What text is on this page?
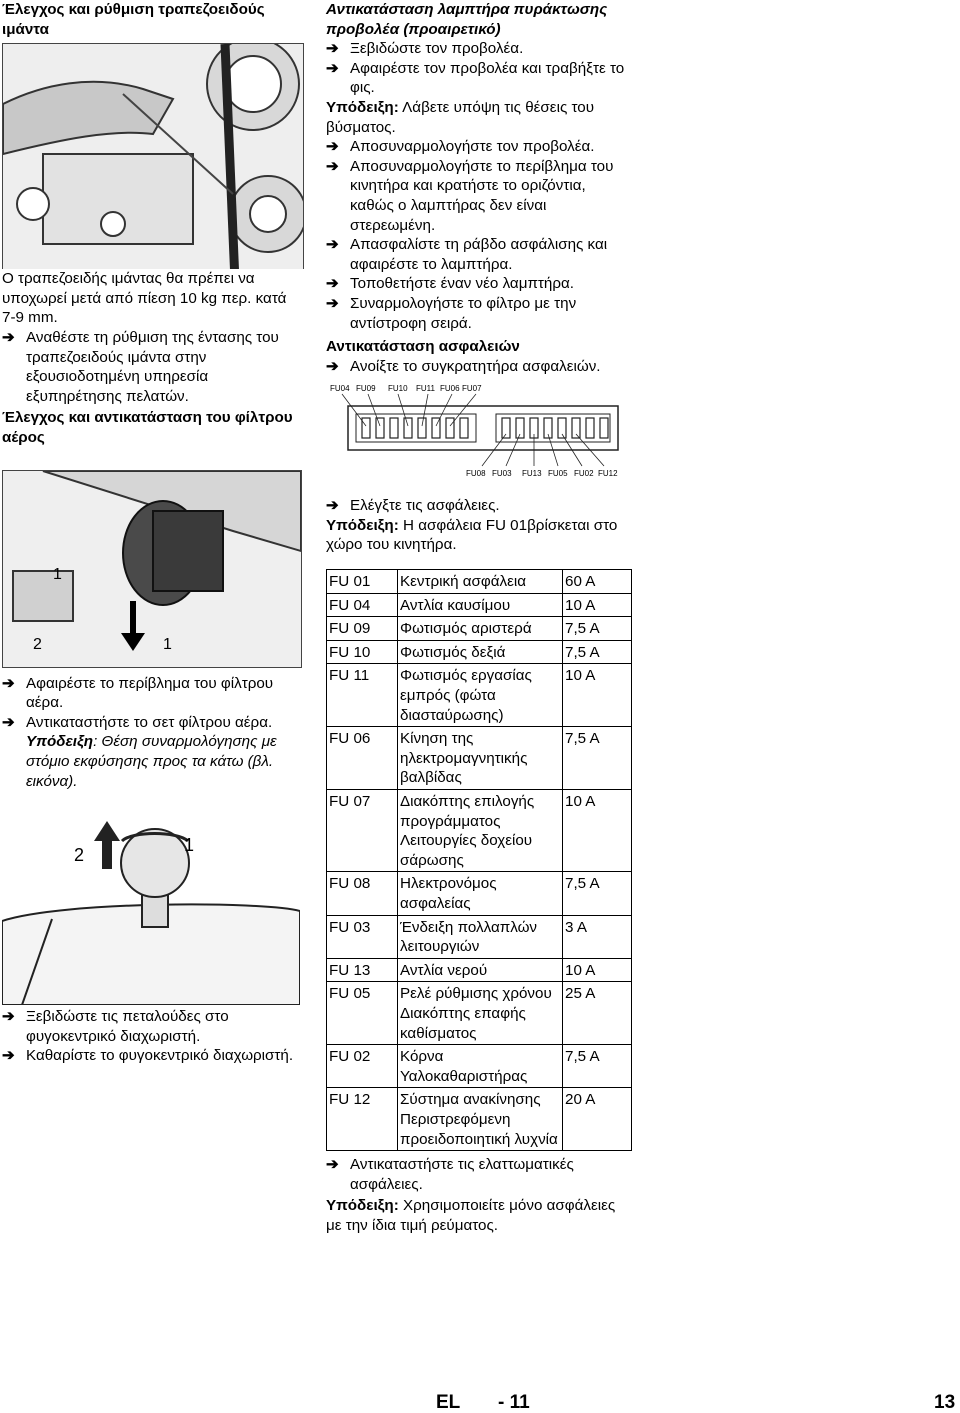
Έλεγχος και ρύθμιση τραπεζοειδούς ιμάντα

Ο τραπεζοειδής ιμάντας θα πρέπει να υποχωρεί μετά από πίεση 10 kg περ. κατά 7-9 mm.

➔ Αναθέστε τη ρύθμιση της έντασης του τραπεζοειδούς ιμάντα στην εξουσιοδοτημένη υπηρεσία εξυπηρέτησης πελατών.

Έλεγχος και αντικατάσταση του φίλτρου αέρος

1
2	1

➔ Αφαιρέστε το περίβλημα του φίλτρου αέρα.

➔ Αντικαταστήστε το σετ φίλτρου αέρα.

Υπόδειξη: Θέση συναρμολόγησης με στόμιο εκφύσησης προς τα κάτω (βλ. εικόνα).

2	1

➔ Ξεβιδώστε τις πεταλούδες στο φυγοκεντρικό διαχωριστή.

➔ Καθαρίστε το φυγοκεντρικό διαχωριστή.

Αντικατάσταση λαμπτήρα πυράκτωσης προβολέα (προαιρετικό)

➔ Ξεβιδώστε τον προβολέα.

➔ Αφαιρέστε τον προβολέα και τραβήξτε το φις.

Υπόδειξη: Λάβετε υπόψη τις θέσεις του βύσματος.

➔ Αποσυναρμολογήστε τον προβολέα.

➔ Αποσυναρμολογήστε το περίβλημα του κινητήρα και κρατήστε το οριζόντια, καθώς ο λαμπτήρας δεν είναι στερεωμένη.

➔ Απασφαλίστε τη ράβδο ασφάλισης και αφαιρέστε το λαμπτήρα.

➔ Τοποθετήστε έναν νέο λαμπτήρα.

➔ Συναρμολογήστε το φίλτρο με την αντίστροφη σειρά.

Αντικατάσταση ασφαλειών

➔ Ανοίξτε το συγκρατητήρα ασφαλειών.

FU04 FU09 FU10 FU11 FU06 FU07
FU08 FU03 FU13 FU05 FU02 FU12

➔ Ελέγξτε τις ασφάλειες.

Υπόδειξη: Η ασφάλεια FU 01βρίσκεται στο χώρο του κινητήρα.

FU 01	Κεντρική ασφάλεια	60 A
FU 04	Αντλία καυσίμου	10 A
FU 09	Φωτισμός αριστερά	7,5 A
FU 10	Φωτισμός δεξιά	7,5 A
FU 11	Φωτισμός εργασίας εμπρός (φώτα διασταύρωσης)	10 A
FU 06	Κίνηση της ηλεκτρομαγνητικής βαλβίδας	7,5 A
FU 07	Διακόπτης επιλογής προγράμματος Λειτουργίες δοχείου σάρωσης	10 A
FU 08	Ηλεκτρονόμος ασφαλείας	7,5 A
FU 03	Ένδειξη πολλαπλών λειτουργιών	3 A
FU 13	Αντλία νερού	10 A
FU 05	Ρελέ ρύθμισης χρόνου Διακόπτης επαφής καθίσματος	25 A
FU 02	Κόρνα Υαλοκαθαριστήρας	7,5 A
FU 12	Σύστημα ανακίνησης Περιστρεφόμενη προειδοποιητική λυχνία	20 A

➔ Αντικαταστήστε τις ελαττωματικές ασφάλειες.

Υπόδειξη: Χρησιμοποιείτε μόνο ασφάλειες με την ίδια τιμή ρεύματος.

EL - 11	13
